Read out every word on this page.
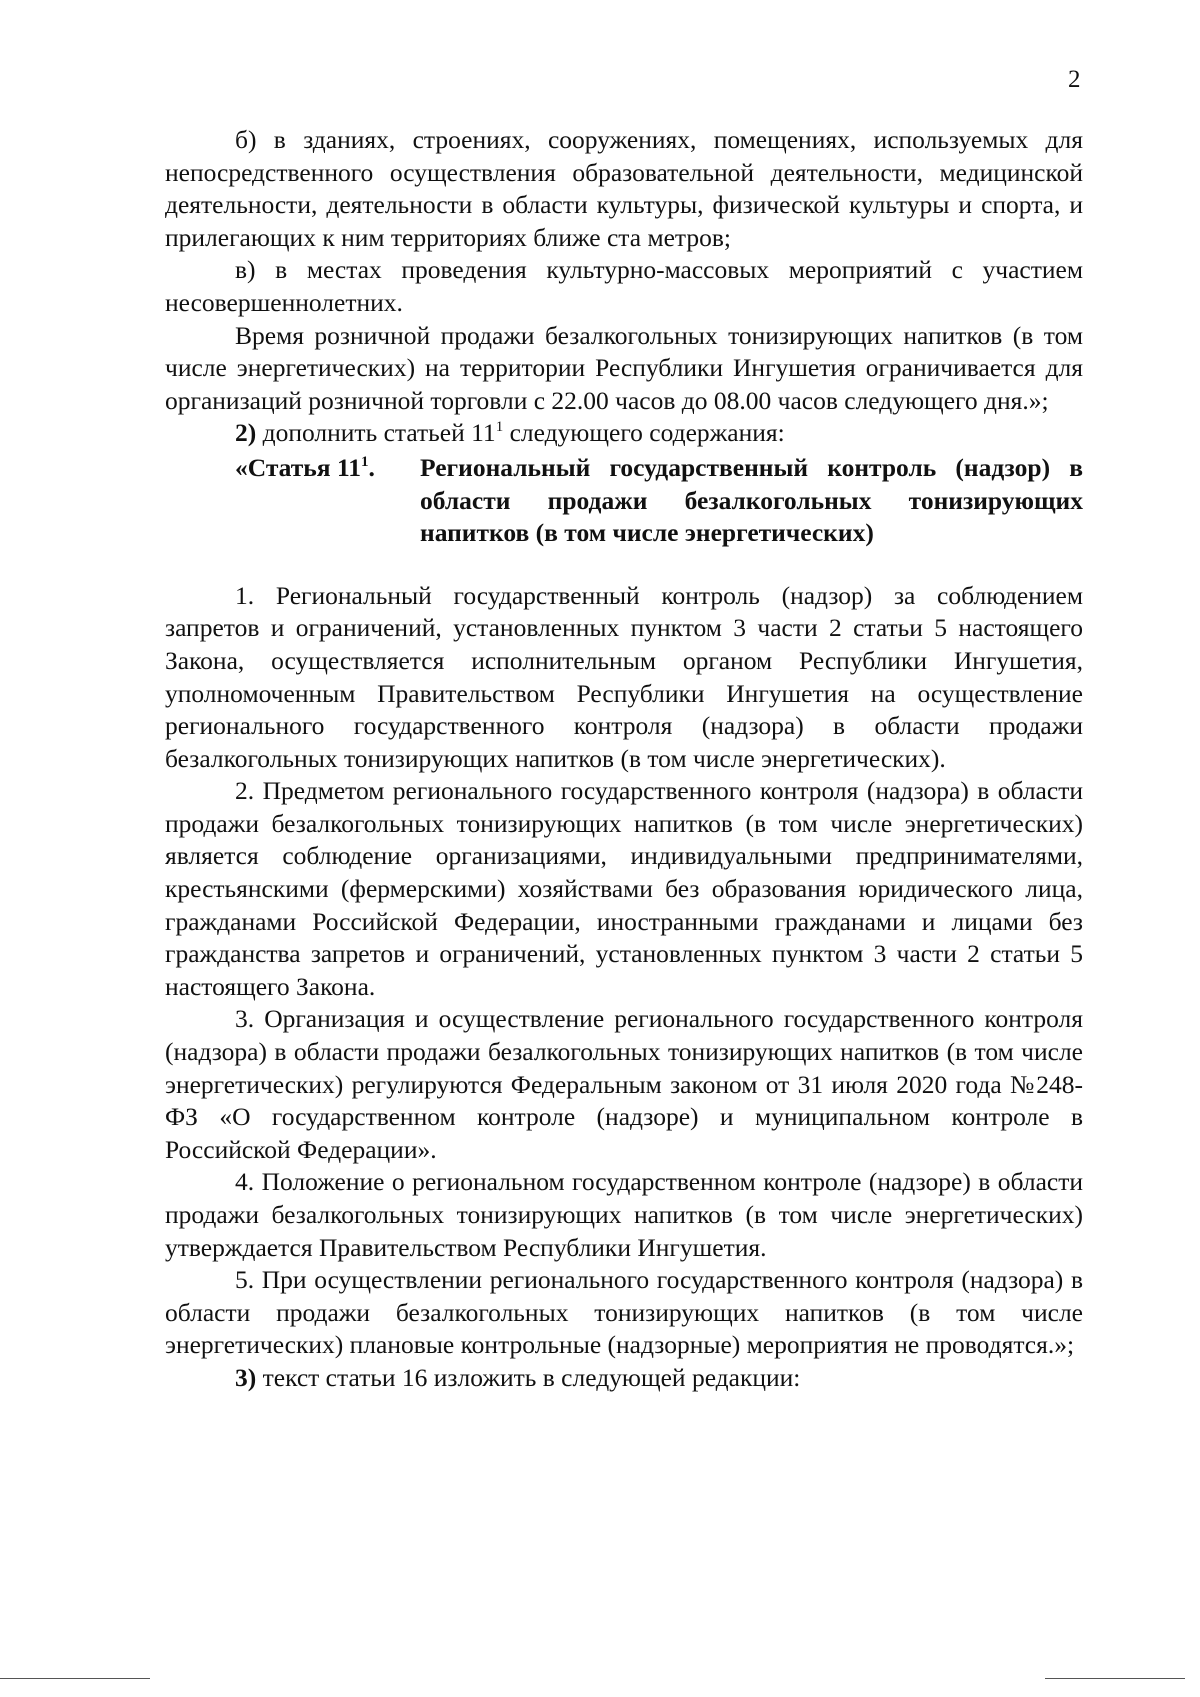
2

б) в зданиях, строениях, сооружениях, помещениях, используемых для непосредственного осуществления образовательной деятельности, медицинской деятельности, деятельности в области культуры, физической культуры и спорта, и прилегающих к ним территориях ближе ста метров;

в) в местах проведения культурно-массовых мероприятий с участием несовершеннолетних.

Время розничной продажи безалкогольных тонизирующих напитков (в том числе энергетических) на территории Республики Ингушетия ограничивается для организаций розничной торговли с 22.00 часов до 08.00 часов следующего дня.»;

2) дополнить статьей $11^1$ следующего содержания:

«Статья $11^1$.	Региональный государственный контроль (надзор) в области продажи безалкогольных тонизирующих напитков (в том числе энергетических)

1. Региональный государственный контроль (надзор) за соблюдением запретов и ограничений, установленных пунктом 3 части 2 статьи 5 настоящего Закона, осуществляется исполнительным органом Республики Ингушетия, уполномоченным Правительством Республики Ингушетия на осуществление регионального государственного контроля (надзора) в области продажи безалкогольных тонизирующих напитков (в том числе энергетических).

2. Предметом регионального государственного контроля (надзора) в области продажи безалкогольных тонизирующих напитков (в том числе энергетических) является соблюдение организациями, индивидуальными предпринимателями, крестьянскими (фермерскими) хозяйствами без образования юридического лица, гражданами Российской Федерации, иностранными гражданами и лицами без гражданства запретов и ограничений, установленных пунктом 3 части 2 статьи 5 настоящего Закона.

3. Организация и осуществление регионального государственного контроля (надзора) в области продажи безалкогольных тонизирующих напитков (в том числе энергетических) регулируются Федеральным законом от 31 июля 2020 года №248-ФЗ «О государственном контроле (надзоре) и муниципальном контроле в Российской Федерации».

4. Положение о региональном государственном контроле (надзоре) в области продажи безалкогольных тонизирующих напитков (в том числе энергетических) утверждается Правительством Республики Ингушетия.

5. При осуществлении регионального государственного контроля (надзора) в области продажи безалкогольных тонизирующих напитков (в том числе энергетических) плановые контрольные (надзорные) мероприятия не проводятся.»;

3) текст статьи 16 изложить в следующей редакции:
